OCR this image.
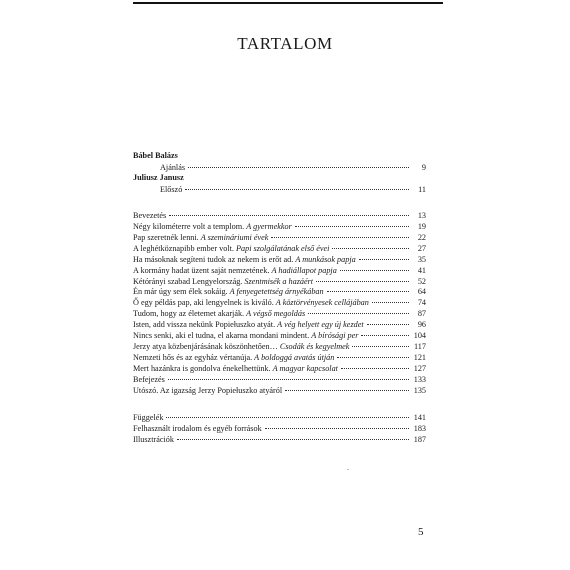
TARTALOM
Bábel Balázs
Ajánlás	9
Juliusz Janusz
Előszó	11
Bevezetés	13
Négy kilométerre volt a templom. A gyermekkor	19
Pap szeretnék lenni. A szemináriumi évek	22
A leghétköznapibb ember volt. Papi szolgálatának első évei	27
Ha másoknak segíteni tudok az nekem is erőt ad. A munkások papja	35
A kormány hadat üzent saját nemzetének. A hadiállapot papja	41
Kétórányi szabad Lengyelország. Szentmisék a hazáért	52
Én már úgy sem élek sokáig. A fenyegetettség árnyékában	64
Ő egy példás pap, aki lengyelnek is kiváló. A köztörvényesek cellájában	74
Tudom, hogy az életemet akarják. A végső megoldás	87
Isten, add vissza nekünk Popiełuszko atyát. A vég helyett egy új kezdet	96
Nincs senki, aki el tudna, el akarna mondani mindent. A bírósági per	104
Jerzy atya közbenjárásának köszönhetően… Csodák és kegyelmek	117
Nemzeti hős és az egyház vértanúja. A boldoggá avatás útján	121
Mert hazánkra is gondolva énekelhettünk. A magyar kapcsolat	127
Befejezés	133
Utószó. Az igazság Jerzy Popiełuszko atyáról	135
Függelék	141
Felhasznált irodalom és egyéb források	183
Illusztrációk	187
5
